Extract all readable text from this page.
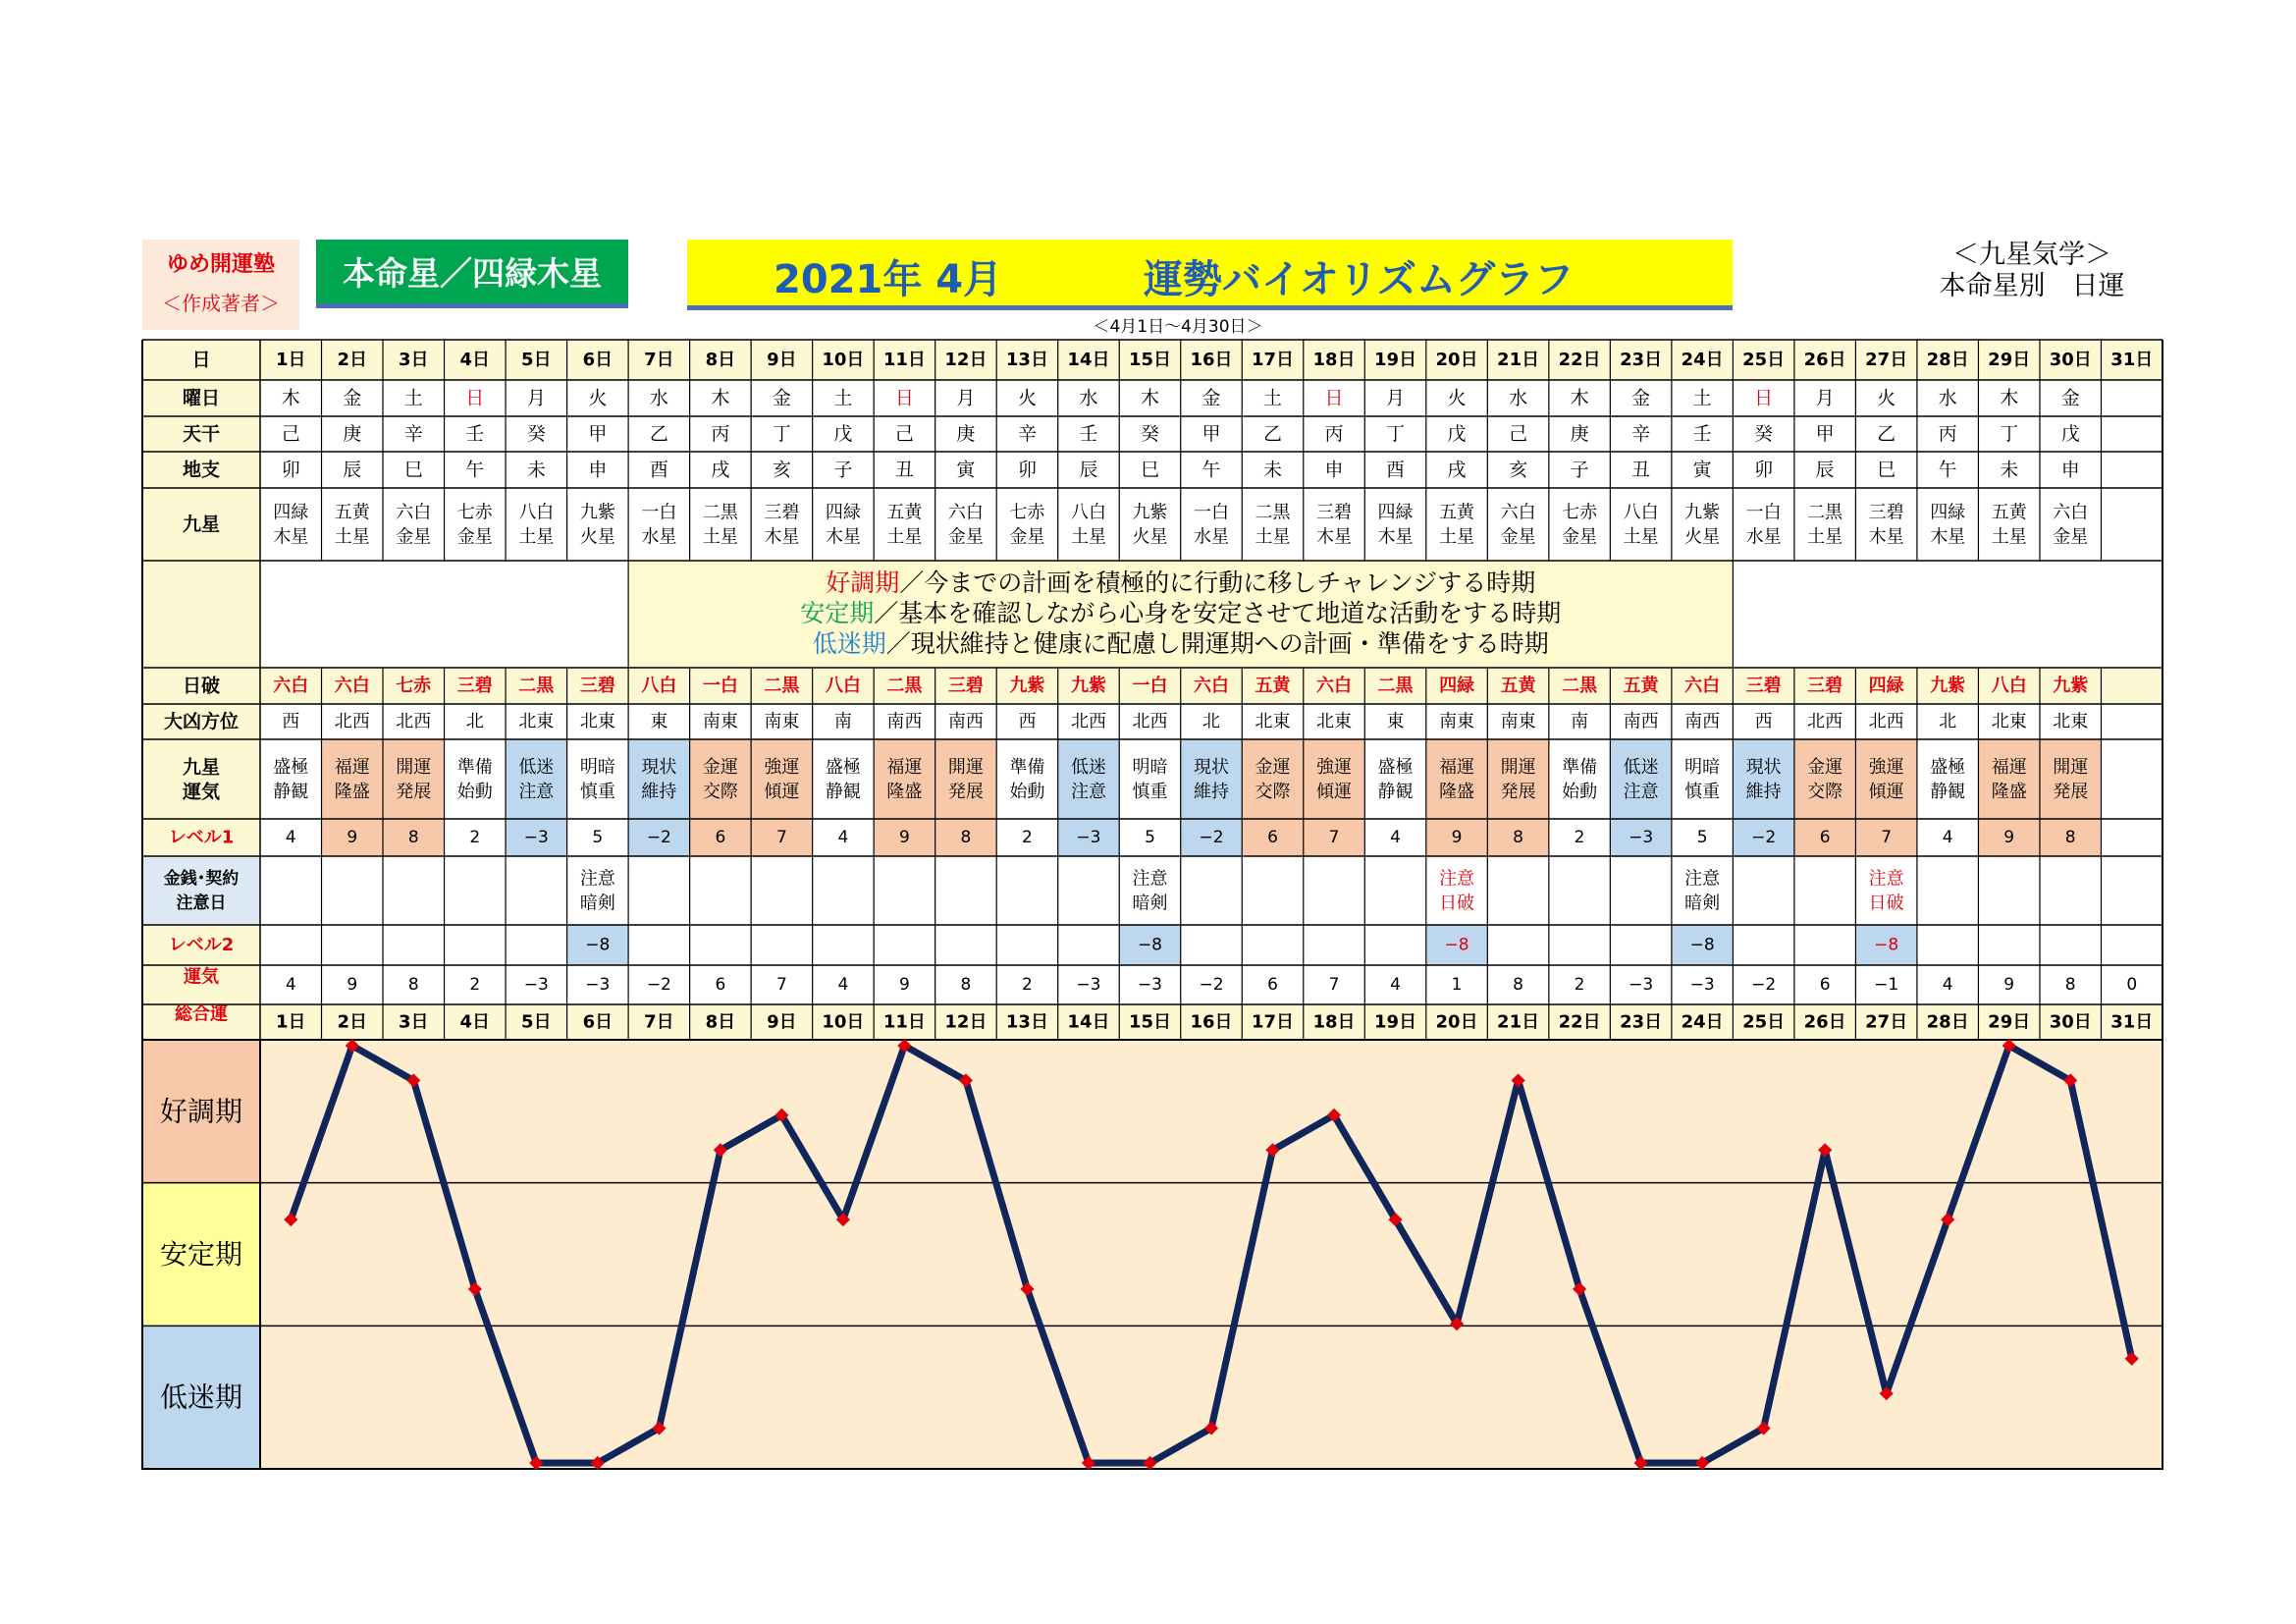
ゆめ開運塾
＜作成著者＞
本命星／四緑木星	2021年 4月	運勢バイオリズムグラフ
＜4月1日～4月30日＞
＜九星気学＞
本命星別　日運
日
曜日
天干
地支
九星
日破
大凶方位
九星
運気
レベル1
金銭･契約
注意日
レベル2
運気
総合運
1日
1日
木
己
卯
四緑
木星
六白
西
盛極
静観
4
4
2日
2日
金
庚
辰
五黄
土星
六白
北西
福運
隆盛
9
9
3日
3日
土
辛
巳
六白
金星
七赤
北西
開運
発展
8
8
4日
4日
日
壬
午
七赤
金星
三碧
北
準備
始動
2
2
5日
5日
月
癸
未
八白
土星
二黒
北東
低迷
注意
−3
−3
6日
6日
火
甲
申
九紫
火星
三碧
北東
明暗
慎重
5
注意
暗剣
−8
−3
7日
7日
水
乙
酉
一白
水星
八白
東
現状
維持
−2
−2
8日
8日
木
丙
戌
二黒
土星
一白
南東
金運
交際
6
6
9日
9日
金
丁
亥
三碧
木星
二黒
南東
強運
傾運
7
7
10日
10日
土
戊
子
四緑
木星
八白
南
盛極
静観
4
4
11日
11日
日
己
丑
五黄
土星
二黒
南西
福運
隆盛
9
9
12日
12日
月
庚
寅
六白
金星
三碧
南西
開運
発展
8
8
13日
13日
火
辛
卯
七赤
金星
九紫
西
準備
始動
2
2
14日
14日
水
壬
辰
八白
土星
九紫
北西
低迷
注意
−3
−3
15日
15日
木
癸
巳
九紫
火星
一白
北西
明暗
慎重
5
注意
暗剣
−8
−3
16日
16日
金
甲
午
一白
水星
六白
北
現状
維持
−2
−2
17日
17日
土
乙
未
二黒
土星
五黄
北東
金運
交際
6
6
18日
18日
日
丙
申
三碧
木星
六白
北東
強運
傾運
7
7
19日
19日
月
丁
酉
四緑
木星
二黒
東
盛極
静観
4
4
20日
20日
火
戊
戌
五黄
土星
四緑
南東
福運
隆盛
9
注意
日破
−8
1
21日
21日
水
己
亥
六白
金星
五黄
南東
開運
発展
8
8
22日
22日
木
庚
子
七赤
金星
二黒
南
準備
始動
2
2
23日
23日
金
辛
丑
八白
土星
五黄
南西
低迷
注意
−3
−3
24日
24日
土
壬
寅
九紫
火星
六白
南西
明暗
慎重
5
注意
暗剣
−8
−3
25日
25日
日
癸
卯
一白
水星
三碧
西
現状
維持
−2
−2
26日
26日
月
甲
辰
二黒
土星
三碧
北西
金運
交際
6
6
27日
27日
火
乙
巳
三碧
木星
四緑
北西
強運
傾運
7
注意
日破
−8
−1
28日
28日
水
丙
午
四緑
木星
九紫
北
盛極
静観
4
4
29日
29日
木
丁
未
五黄
土星
八白
北東
福運
隆盛
9
9
30日
30日
金
戊
申
六白
金星
九紫
北東
開運
発展
8
8
31日
31日
0
好調期／今までの計画を積極的に行動に移しチャレンジする時期
安定期／基本を確認しながら心身を安定させて地道な活動をする時期
低迷期／現状維持と健康に配慮し開運期への計画・準備をする時期
好調期
安定期
低迷期
